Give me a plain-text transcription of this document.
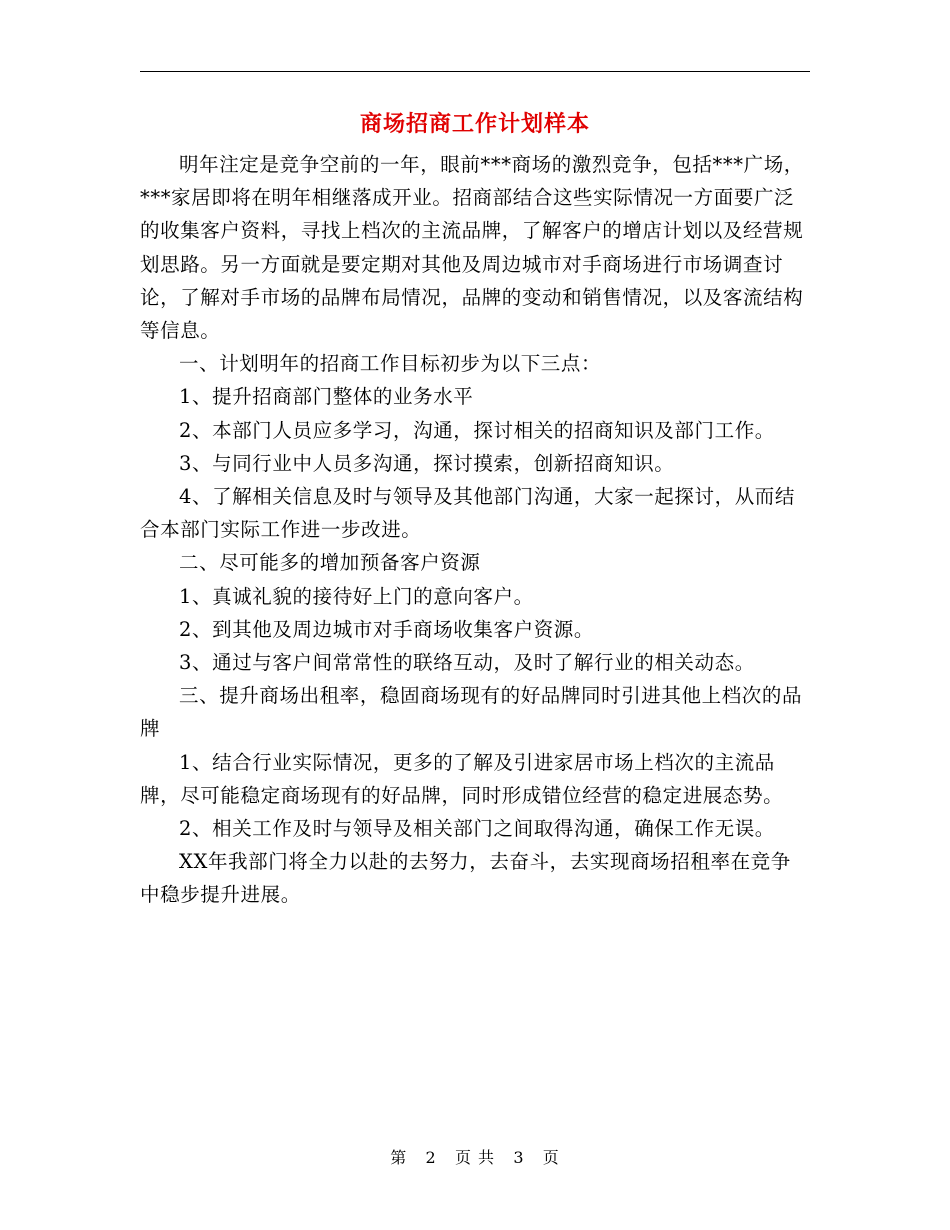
商场招商工作计划样本

明年注定是竞争空前的一年，眼前***商场的激烈竞争，包括***广场，***家居即将在明年相继落成开业。招商部结合这些实际情况一方面要广泛的收集客户资料，寻找上档次的主流品牌，了解客户的增店计划以及经营规划思路。另一方面就是要定期对其他及周边城市对手商场进行市场调查讨论，了解对手市场的品牌布局情况，品牌的变动和销售情况，以及客流结构等信息。

一、计划明年的招商工作目标初步为以下三点：

1、提升招商部门整体的业务水平

2、本部门人员应多学习，沟通，探讨相关的招商知识及部门工作。

3、与同行业中人员多沟通，探讨摸索，创新招商知识。

4、了解相关信息及时与领导及其他部门沟通，大家一起探讨，从而结合本部门实际工作进一步改进。

二、尽可能多的增加预备客户资源

1、真诚礼貌的接待好上门的意向客户。

2、到其他及周边城市对手商场收集客户资源。

3、通过与客户间常常性的联络互动，及时了解行业的相关动态。

三、提升商场出租率，稳固商场现有的好品牌同时引进其他上档次的品牌

1、结合行业实际情况，更多的了解及引进家居市场上档次的主流品牌，尽可能稳定商场现有的好品牌，同时形成错位经营的稳定进展态势。

2、相关工作及时与领导及相关部门之间取得沟通，确保工作无误。

XX年我部门将全力以赴的去努力，去奋斗，去实现商场招租率在竞争中稳步提升进展。

第 2 页 共 3 页
